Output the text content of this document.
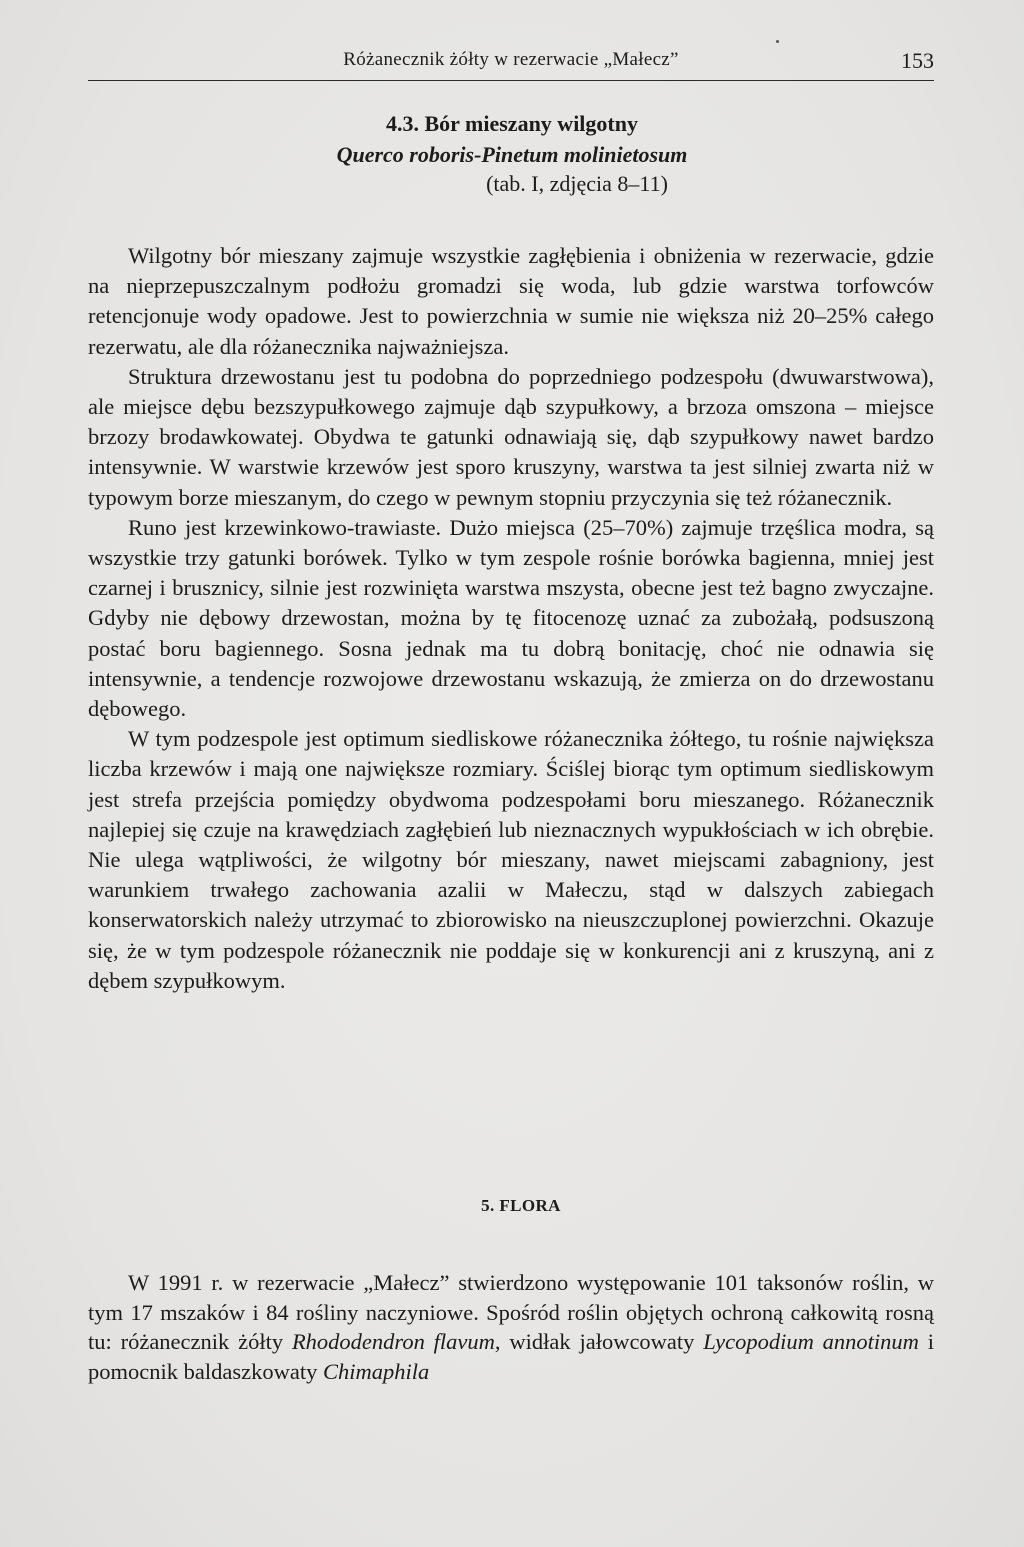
Różanecznik żółty w rezerwacie „Małecz”	153
4.3. Bór mieszany wilgotny
Querco roboris-Pinetum molinietosum
(tab. I, zdjęcia 8–11)

Wilgotny bór mieszany zajmuje wszystkie zagłębienia i obniżenia w rezerwacie, gdzie na nieprzepuszczalnym podłożu gromadzi się woda, lub gdzie warstwa torfowców retencjonuje wody opadowe. Jest to powierzchnia w sumie nie większa niż 20–25% całego rezerwatu, ale dla różanecznika najważniejsza.

Struktura drzewostanu jest tu podobna do poprzedniego podzespołu (dwuwarstwowa), ale miejsce dębu bezszypułkowego zajmuje dąb szypułkowy, a brzoza omszona – miejsce brzozy brodawkowatej. Obydwa te gatunki odnawiają się, dąb szypułkowy nawet bardzo intensywnie. W warstwie krzewów jest sporo kruszyny, warstwa ta jest silniej zwarta niż w typowym borze mieszanym, do czego w pewnym stopniu przyczynia się też różanecznik.

Runo jest krzewinkowo-trawiaste. Dużo miejsca (25–70%) zajmuje trzęślica modra, są wszystkie trzy gatunki borówek. Tylko w tym zespole rośnie borówka bagienna, mniej jest czarnej i brusznicy, silnie jest rozwinięta warstwa mszysta, obecne jest też bagno zwyczajne. Gdyby nie dębowy drzewostan, można by tę fitocenozę uznać za zubożałą, podsuszoną postać boru bagiennego. Sosna jednak ma tu dobrą bonitację, choć nie odnawia się intensywnie, a tendencje rozwojowe drzewostanu wskazują, że zmierza on do drzewostanu dębowego.

W tym podzespole jest optimum siedliskowe różanecznika żółtego, tu rośnie największa liczba krzewów i mają one największe rozmiary. Ściślej biorąc tym optimum siedliskowym jest strefa przejścia pomiędzy obydwoma podzespołami boru mieszanego. Różanecznik najlepiej się czuje na krawędziach zagłębień lub nieznacznych wypukłościach w ich obrębie. Nie ulega wątpliwości, że wilgotny bór mieszany, nawet miejscami zabagniony, jest warunkiem trwałego zachowania azalii w Małeczu, stąd w dalszych zabiegach konserwatorskich należy utrzymać to zbiorowisko na nieuszczuplonej powierzchni. Okazuje się, że w tym podzespole różanecznik nie poddaje się w konkurencji ani z kruszyną, ani z dębem szypułkowym.

5. FLORA

W 1991 r. w rezerwacie „Małecz” stwierdzono występowanie 101 taksonów roślin, w tym 17 mszaków i 84 rośliny naczyniowe. Spośród roślin objętych ochroną całkowitą rosną tu: różanecznik żółty Rhododendron flavum, widłak jałowcowaty Lycopodium annotinum i pomocnik baldaszkowaty Chimaphila
